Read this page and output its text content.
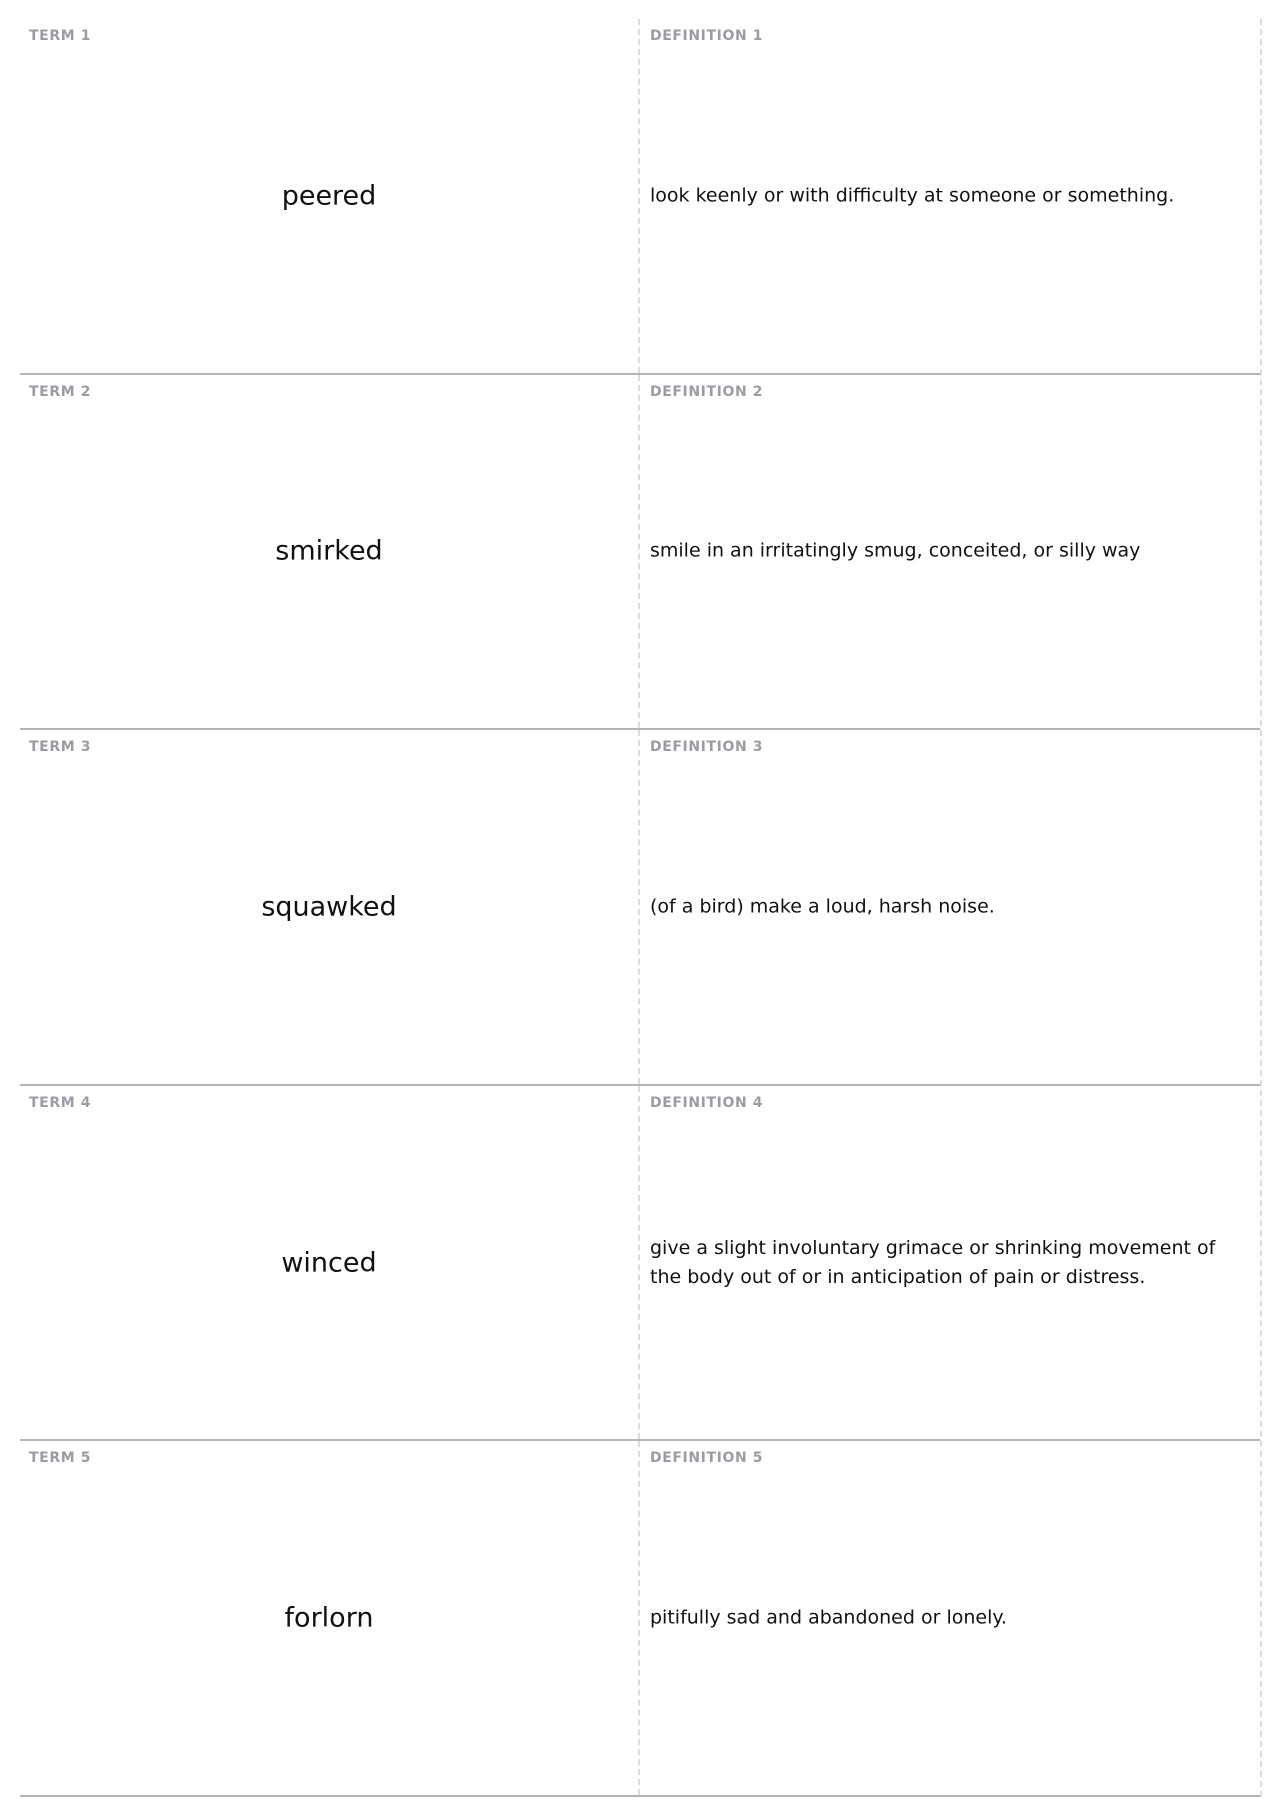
TERM 1
peered
DEFINITION 1
look keenly or with difficulty at someone or something.
TERM 2
smirked
DEFINITION 2
smile in an irritatingly smug, conceited, or silly way
TERM 3
squawked
DEFINITION 3
(of a bird) make a loud, harsh noise.
TERM 4
winced
DEFINITION 4
give a slight involuntary grimace or shrinking movement of the body out of or in anticipation of pain or distress.
TERM 5
forlorn
DEFINITION 5
pitifully sad and abandoned or lonely.
